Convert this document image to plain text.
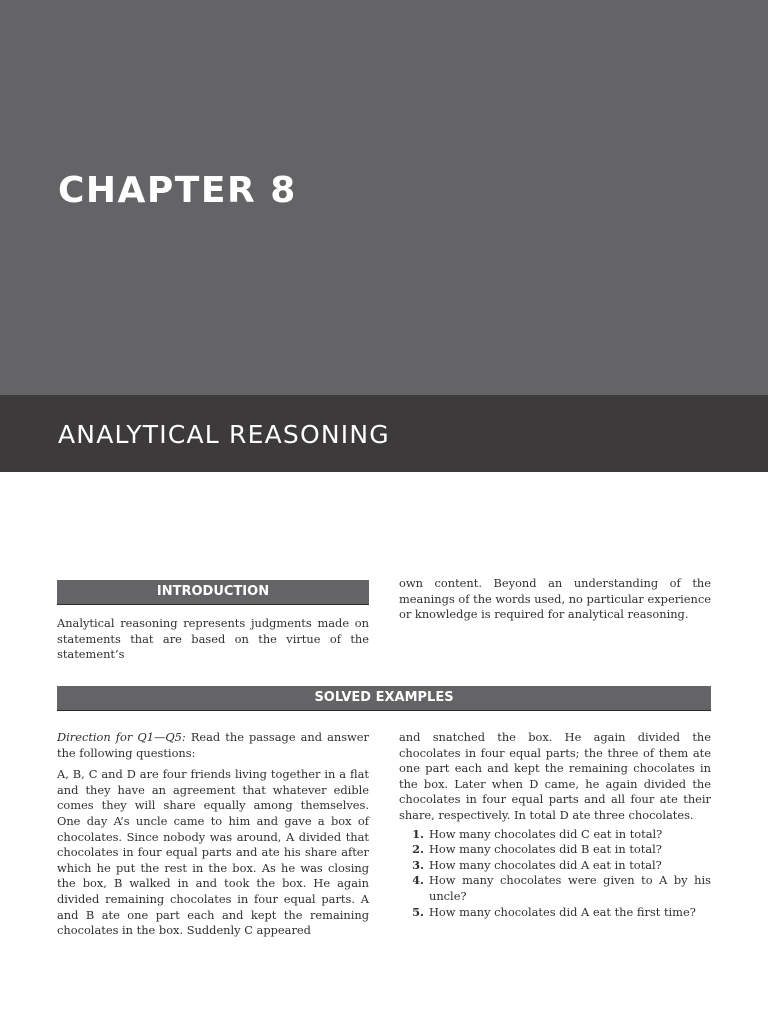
CHAPTER 8
ANALYTICAL REASONING
INTRODUCTION

Analytical reasoning represents judgments made on statements that are based on the virtue of the statement’s

own content. Beyond an understanding of the meanings of the words used, no particular experience or knowledge is required for analytical reasoning.

SOLVED EXAMPLES

Direction for Q1—Q5: Read the passage and answer the following questions:

A, B, C and D are four friends living together in a flat and they have an agreement that whatever edible comes they will share equally among themselves. One day A’s uncle came to him and gave a box of chocolates. Since nobody was around, A divided that chocolates in four equal parts and ate his share after which he put the rest in the box. As he was closing the box, B walked in and took the box. He again divided remaining chocolates in four equal parts. A and B ate one part each and kept the remaining chocolates in the box. Suddenly C appeared

and snatched the box. He again divided the chocolates in four equal parts; the three of them ate one part each and kept the remaining chocolates in the box. Later when D came, he again divided the chocolates in four equal parts and all four ate their share, respectively. In total D ate three chocolates.

1. How many chocolates did C eat in total?
2. How many chocolates did B eat in total?
3. How many chocolates did A eat in total?
4. How many chocolates were given to A by his uncle?
5. How many chocolates did A eat the first time?
